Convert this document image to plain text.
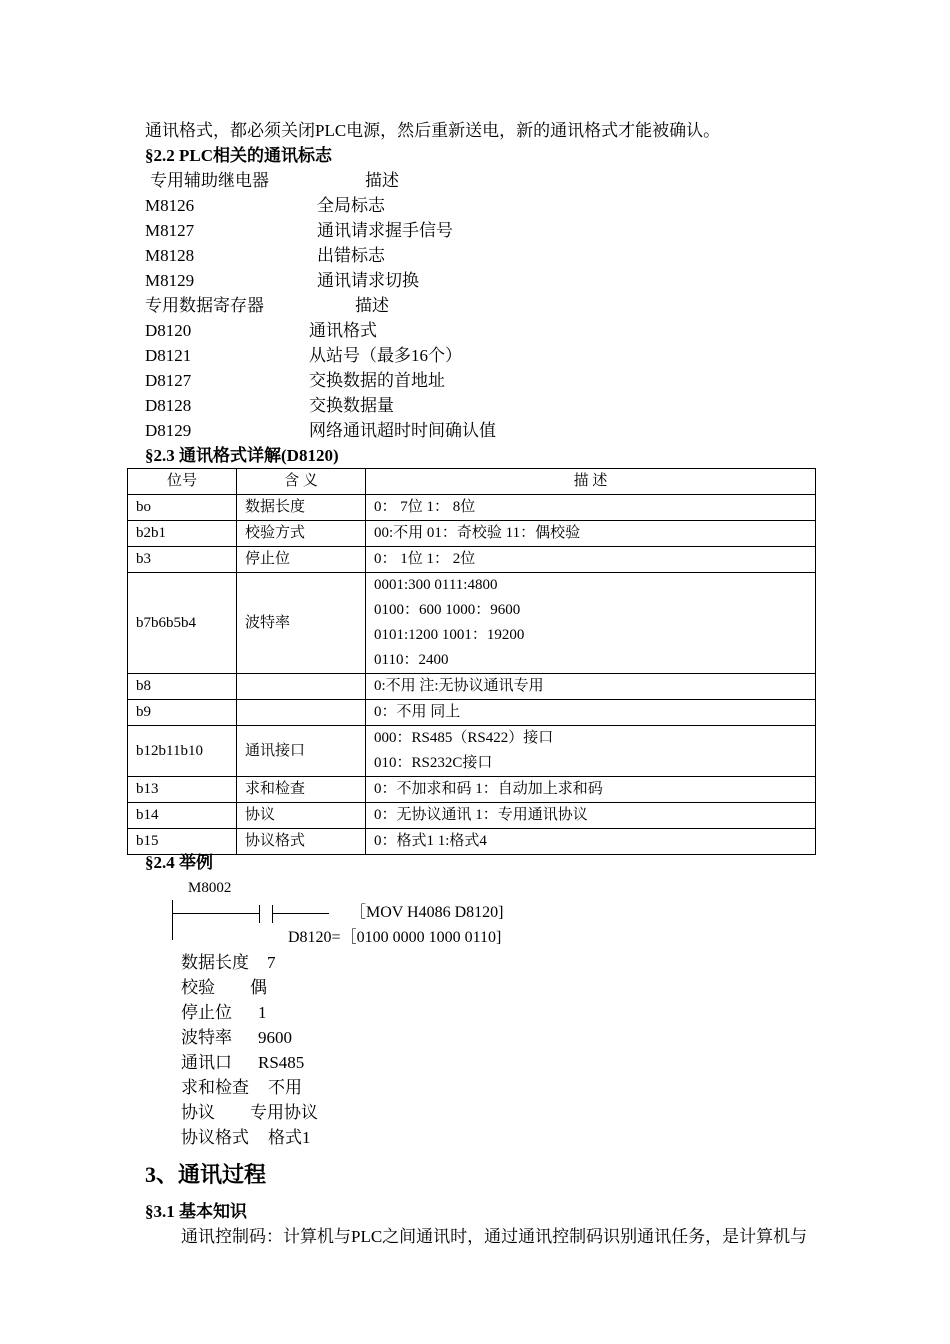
通讯格式，都必须关闭PLC电源，然后重新送电，新的通讯格式才能被确认。
§2.2 PLC相关的通讯标志
专用辅助继电器	描述
M8126	全局标志
M8127	通讯请求握手信号
M8128	出错标志
M8129	通讯请求切换
专用数据寄存器	描述
D8120	通讯格式
D8121	从站号（最多16个）
D8127	交换数据的首地址
D8128	交换数据量
D8129	网络通讯超时时间确认值
§2.3 通讯格式详解(D8120)
位号	含 义	描 述
bo	数据长度	0： 7位 1： 8位

b2b1	校验方式	00:不用 01：奇校验 11：偶校验

b3	停止位	0： 1位 1： 2位

b7b6b5b4	波特率	0001:300 0111:4800
0100：600 1000：9600
0101:1200 1001：19200
0110：2400

b8		0:不用 注:无协议通讯专用

b9		0：不用 同上

b12b11b10	通讯接口	000：RS485（RS422）接口
010：RS232C接口

b13	求和检查	0：不加求和码 1：自动加上求和码

b14	协议	0：无协议通讯 1：专用通讯协议

b15	协议格式	0：格式1 1:格式4
§2.4 举例
M8002
［MOV H4086 D8120]
D8120=［0100 0000 1000 0110]
数据长度 7
校验 偶
停止位 1
波特率 9600
通讯口 RS485
求和检查 不用
协议 专用协议
协议格式 格式1
3、通讯过程
§3.1 基本知识
通讯控制码：计算机与PLC之间通讯时，通过通讯控制码识别通讯任务，是计算机与
